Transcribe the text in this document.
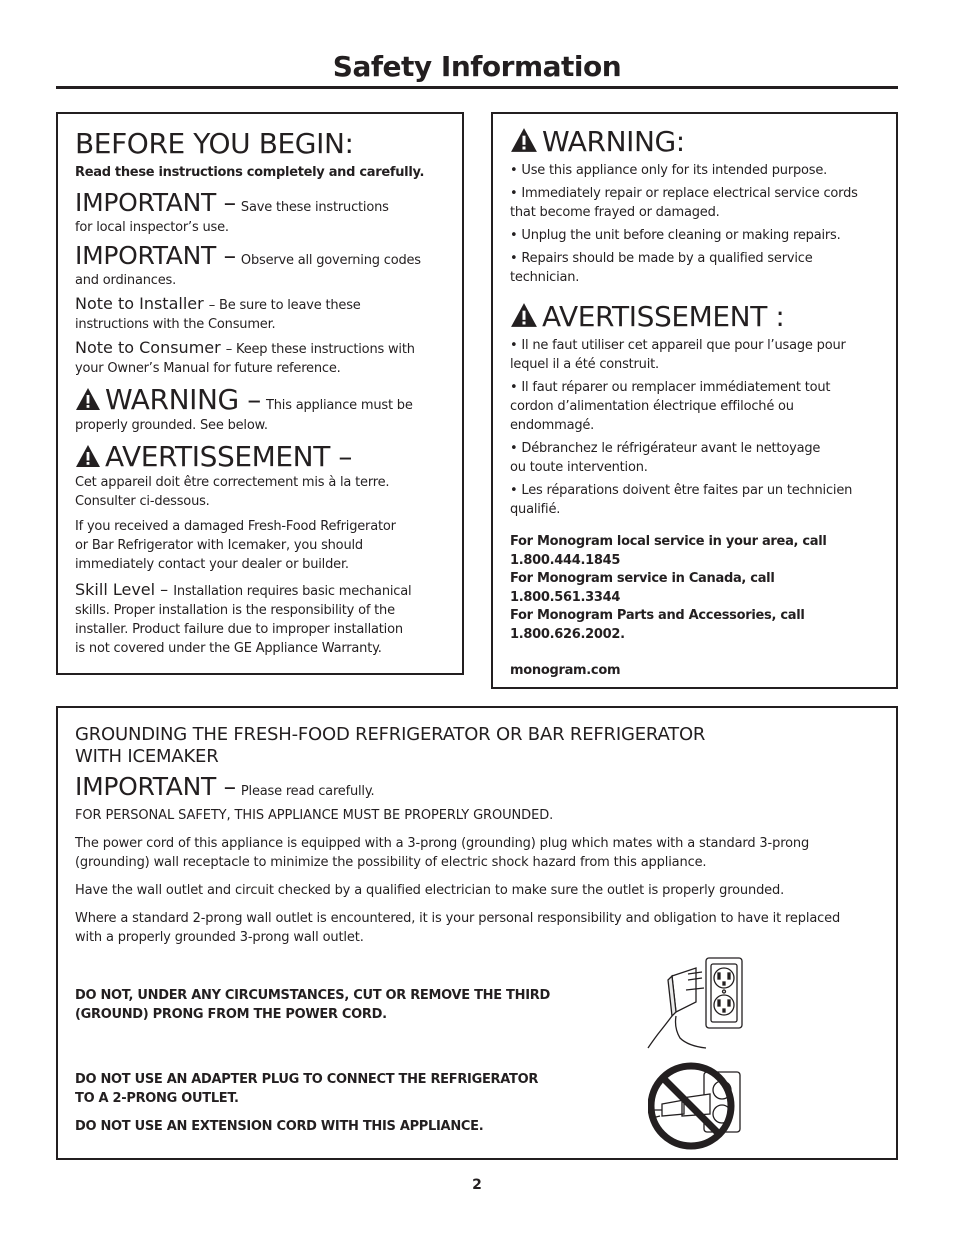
Safety Information
BEFORE YOU BEGIN:
Read these instructions completely and carefully.
IMPORTANT – Save these instructions
for local inspector’s use.
IMPORTANT – Observe all governing codes
and ordinances.
Note to Installer – Be sure to leave these
instructions with the Consumer.
Note to Consumer – Keep these instructions with
your Owner’s Manual for future reference.
WARNING – This appliance must be
properly grounded. See below.
AVERTISSEMENT –
Cet appareil doit être correctement mis à la terre.
Consulter ci-dessous.
If you received a damaged Fresh-Food Refrigerator
or Bar Refrigerator with Icemaker, you should
immediately contact your dealer or builder.
Skill Level – Installation requires basic mechanical
skills. Proper installation is the responsibility of the
installer. Product failure due to improper installation
is not covered under the GE Appliance Warranty.
WARNING:
• Use this appliance only for its intended purpose.
• Immediately repair or replace electrical service cords
that become frayed or damaged.
• Unplug the unit before cleaning or making repairs.
• Repairs should be made by a qualified service
technician.
AVERTISSEMENT :
• Il ne faut utiliser cet appareil que pour l’usage pour
lequel il a été construit.
• Il faut réparer ou remplacer immédiatement tout
cordon d’alimentation électrique effiloché ou
endommagé.
• Débranchez le réfrigérateur avant le nettoyage
ou toute intervention.
• Les réparations doivent être faites par un technicien
qualifié.
For Monogram local service in your area, call
1.800.444.1845
For Monogram service in Canada, call
1.800.561.3344
For Monogram Parts and Accessories, call
1.800.626.2002.
monogram.com
GROUNDING THE FRESH-FOOD REFRIGERATOR OR BAR REFRIGERATOR
WITH ICEMAKER
IMPORTANT – Please read carefully.
FOR PERSONAL SAFETY, THIS APPLIANCE MUST BE PROPERLY GROUNDED.
The power cord of this appliance is equipped with a 3-prong (grounding) plug which mates with a standard 3-prong
(grounding) wall receptacle to minimize the possibility of electric shock hazard from this appliance.
Have the wall outlet and circuit checked by a qualified electrician to make sure the outlet is properly grounded.
Where a standard 2-prong wall outlet is encountered, it is your personal responsibility and obligation to have it replaced
with a properly grounded 3-prong wall outlet.
DO NOT, UNDER ANY CIRCUMSTANCES, CUT OR REMOVE THE THIRD
(GROUND) PRONG FROM THE POWER CORD.
DO NOT USE AN ADAPTER PLUG TO CONNECT THE REFRIGERATOR
TO A 2-PRONG OUTLET.
DO NOT USE AN EXTENSION CORD WITH THIS APPLIANCE.
2
